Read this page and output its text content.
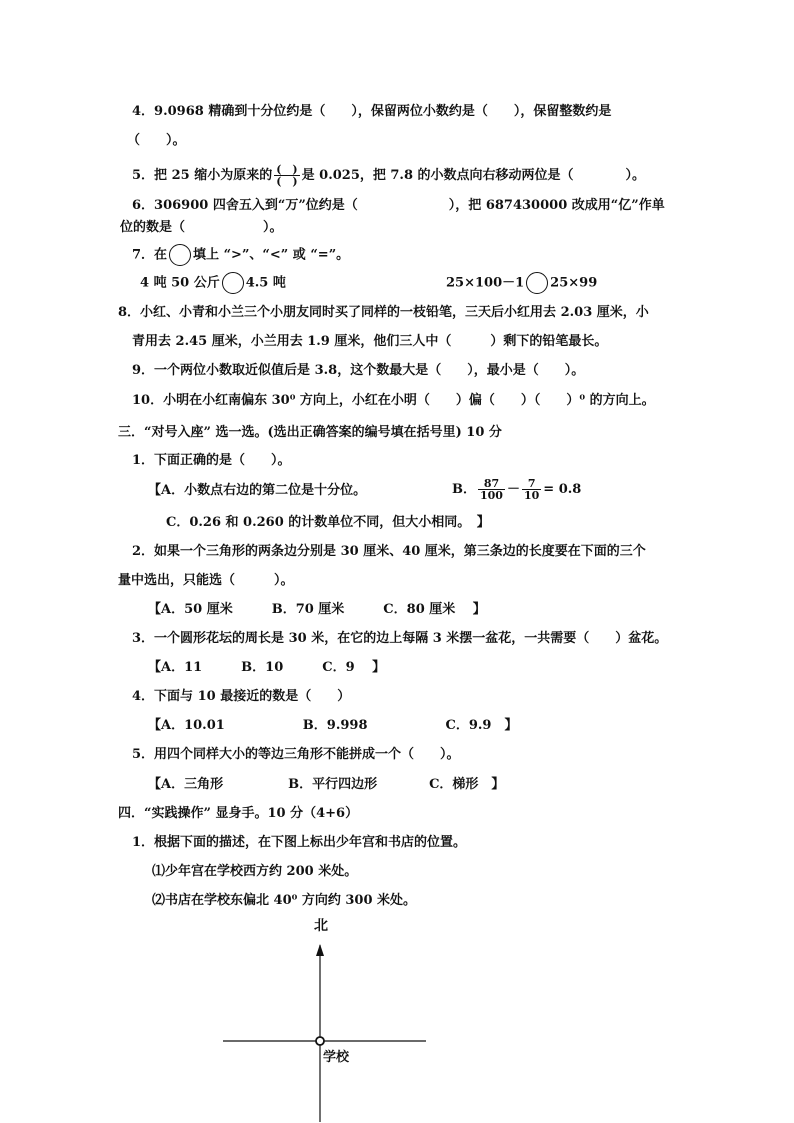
4．9.0968 精确到十分位约是（　　），保留两位小数约是（　　），保留整数约是
（　　）。
5．把 25 缩小为原来的 $\frac{( )}{( )}$ 是 0.025，把 7.8 的小数点向右移动两位是（　　　　）。
6．306900 四舍五入到“万”位约是（　　　　　　　），把 687430000 改成用“亿”作单
位的数是（　　　　　　）。
7．在 填上 “>”、“<” 或 “=”。
4 吨 50 公斤 4.5 吨	25×100－1 25×99
8．小红、小青和小兰三个小朋友同时买了同样的一枝铅笔，三天后小红用去 2.03 厘米，小
青用去 2.45 厘米，小兰用去 1.9 厘米，他们三人中（　　　）剩下的铅笔最长。
9．一个两位小数取近似值后是 3.8，这个数最大是（　　），最小是（　　）。
10．小明在小红南偏东 30⁰ 方向上，小红在小明（　　）偏（　　）（　　）⁰ 的方向上。
三．“对号入座” 选一选。(选出正确答案的编号填在括号里) 10 分
1．下面正确的是（　　）。
【A．小数点右边的第二位是十分位。	B． $\frac{87}{100} - \frac{7}{10} = 0.8$
C．0.26 和 0.260 的计数单位不同，但大小相同。　】
2．如果一个三角形的两条边分别是 30 厘米、40 厘米，第三条边的长度要在下面的三个
量中选出，只能选（　　　）。
【A．50 厘米　　　B．70 厘米　　　C．80 厘米　 】
3．一个圆形花坛的周长是 30 米，在它的边上每隔 3 米摆一盆花，一共需要（　　）盆花。
【A．11　　　B．10　　　C．9　 】
4．下面与 10 最接近的数是（　　）
【A．10.01　　　　　　B．9.998　　　　　　C．9.9　】
5．用四个同样大小的等边三角形不能拼成一个（　　）。
【A．三角形　　　　　B．平行四边形　　　　C．梯形　】
四．“实践操作” 显身手。10 分（4+6）
1．根据下面的描述，在下图上标出少年宫和书店的位置。
⑴少年宫在学校西方约 200 米处。
⑵书店在学校东偏北 40⁰ 方向约 300 米处。
北
学校
